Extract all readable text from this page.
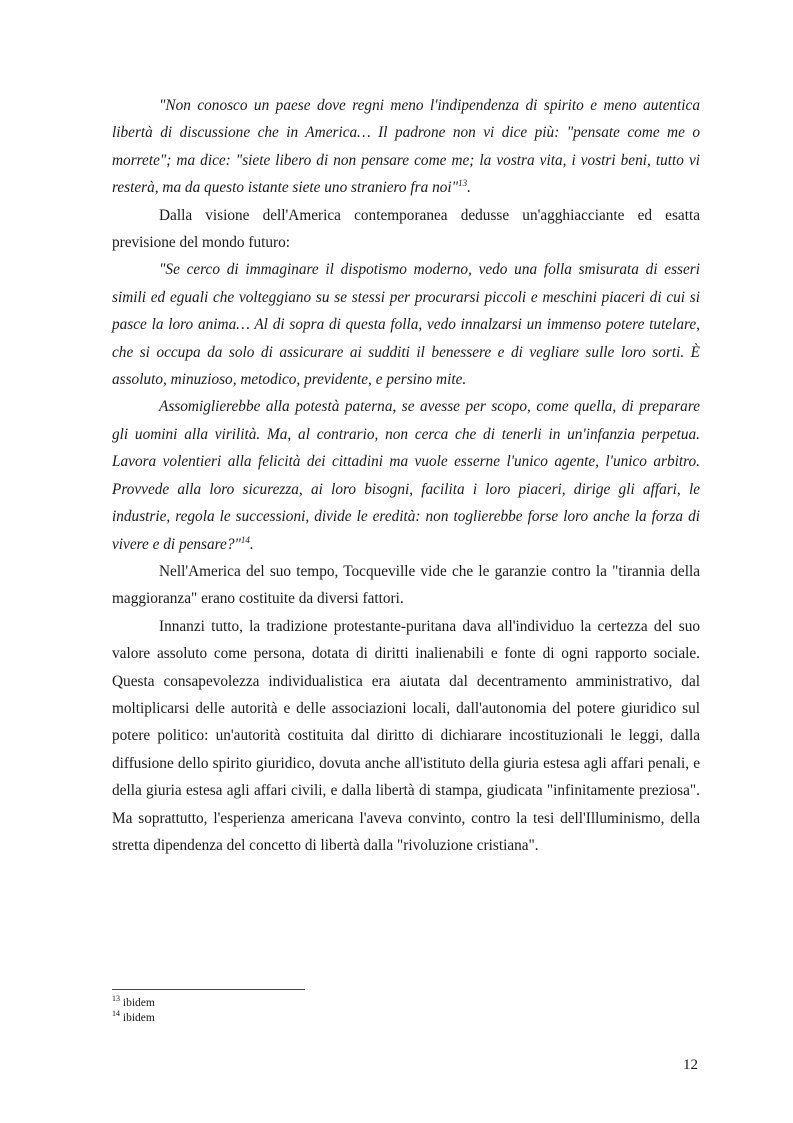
"Non conosco un paese dove regni meno l'indipendenza di spirito e meno autentica libertà di discussione che in America… Il padrone non vi dice più: "pensate come me o morrete"; ma dice: "siete libero di non pensare come me; la vostra vita, i vostri beni, tutto vi resterà, ma da questo istante siete uno straniero fra noi"$^{13}$.

Dalla visione dell'America contemporanea dedusse un'agghiacciante ed esatta previsione del mondo futuro:

"Se cerco di immaginare il dispotismo moderno, vedo una folla smisurata di esseri simili ed eguali che volteggiano su se stessi per procurarsi piccoli e meschini piaceri di cui si pasce la loro anima… Al di sopra di questa folla, vedo innalzarsi un immenso potere tutelare, che si occupa da solo di assicurare ai sudditi il benessere e di vegliare sulle loro sorti. È assoluto, minuzioso, metodico, previdente, e persino mite.

Assomiglierebbe alla potestà paterna, se avesse per scopo, come quella, di preparare gli uomini alla virilità. Ma, al contrario, non cerca che di tenerli in un'infanzia perpetua. Lavora volentieri alla felicità dei cittadini ma vuole esserne l'unico agente, l'unico arbitro. Provvede alla loro sicurezza, ai loro bisogni, facilita i loro piaceri, dirige gli affari, le industrie, regola le successioni, divide le eredità: non toglierebbe forse loro anche la forza di vivere e di pensare?"$^{14}$.

Nell'America del suo tempo, Tocqueville vide che le garanzie contro la "tirannia della maggioranza" erano costituite da diversi fattori.

Innanzi tutto, la tradizione protestante-puritana dava all'individuo la certezza del suo valore assoluto come persona, dotata di diritti inalienabili e fonte di ogni rapporto sociale. Questa consapevolezza individualistica era aiutata dal decentramento amministrativo, dal moltiplicarsi delle autorità e delle associazioni locali, dall'autonomia del potere giuridico sul potere politico: un'autorità costituita dal diritto di dichiarare incostituzionali le leggi, dalla diffusione dello spirito giuridico, dovuta anche all'istituto della giuria estesa agli affari penali, e della giuria estesa agli affari civili, e dalla libertà di stampa, giudicata "infinitamente preziosa". Ma soprattutto, l'esperienza americana l'aveva convinto, contro la tesi dell'Illuminismo, della stretta dipendenza del concetto di libertà dalla "rivoluzione cristiana".

$^{13}$ ibidem
$^{14}$ ibidem
12
